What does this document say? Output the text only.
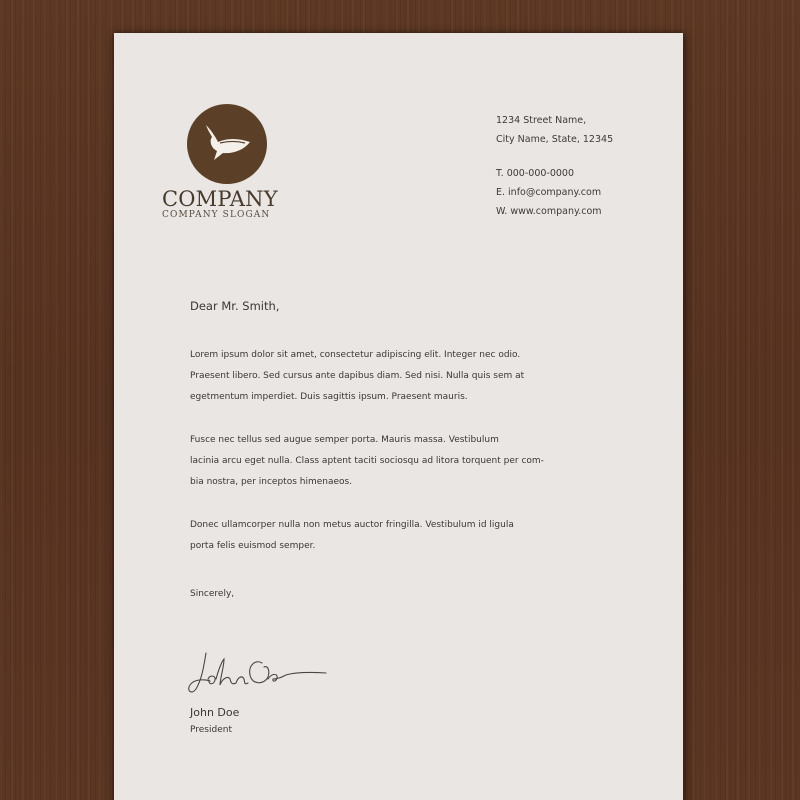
COMPANY
COMPANY SLOGAN
1234 Street Name,
City Name, State, 12345
T. 000-000-0000
E. info@company.com
W. www.company.com
Dear Mr. Smith,
Lorem ipsum dolor sit amet, consectetur adipiscing elit. Integer nec odio.
Praesent libero. Sed cursus ante dapibus diam. Sed nisi. Nulla quis sem at
egetmentum imperdiet. Duis sagittis ipsum. Praesent mauris.
Fusce nec tellus sed augue semper porta. Mauris massa. Vestibulum
lacinia arcu eget nulla. Class aptent taciti sociosqu ad litora torquent per com-
bia nostra, per inceptos himenaeos.
Donec ullamcorper nulla non metus auctor fringilla. Vestibulum id ligula
porta felis euismod semper.
Sincerely,
John Doe
President
